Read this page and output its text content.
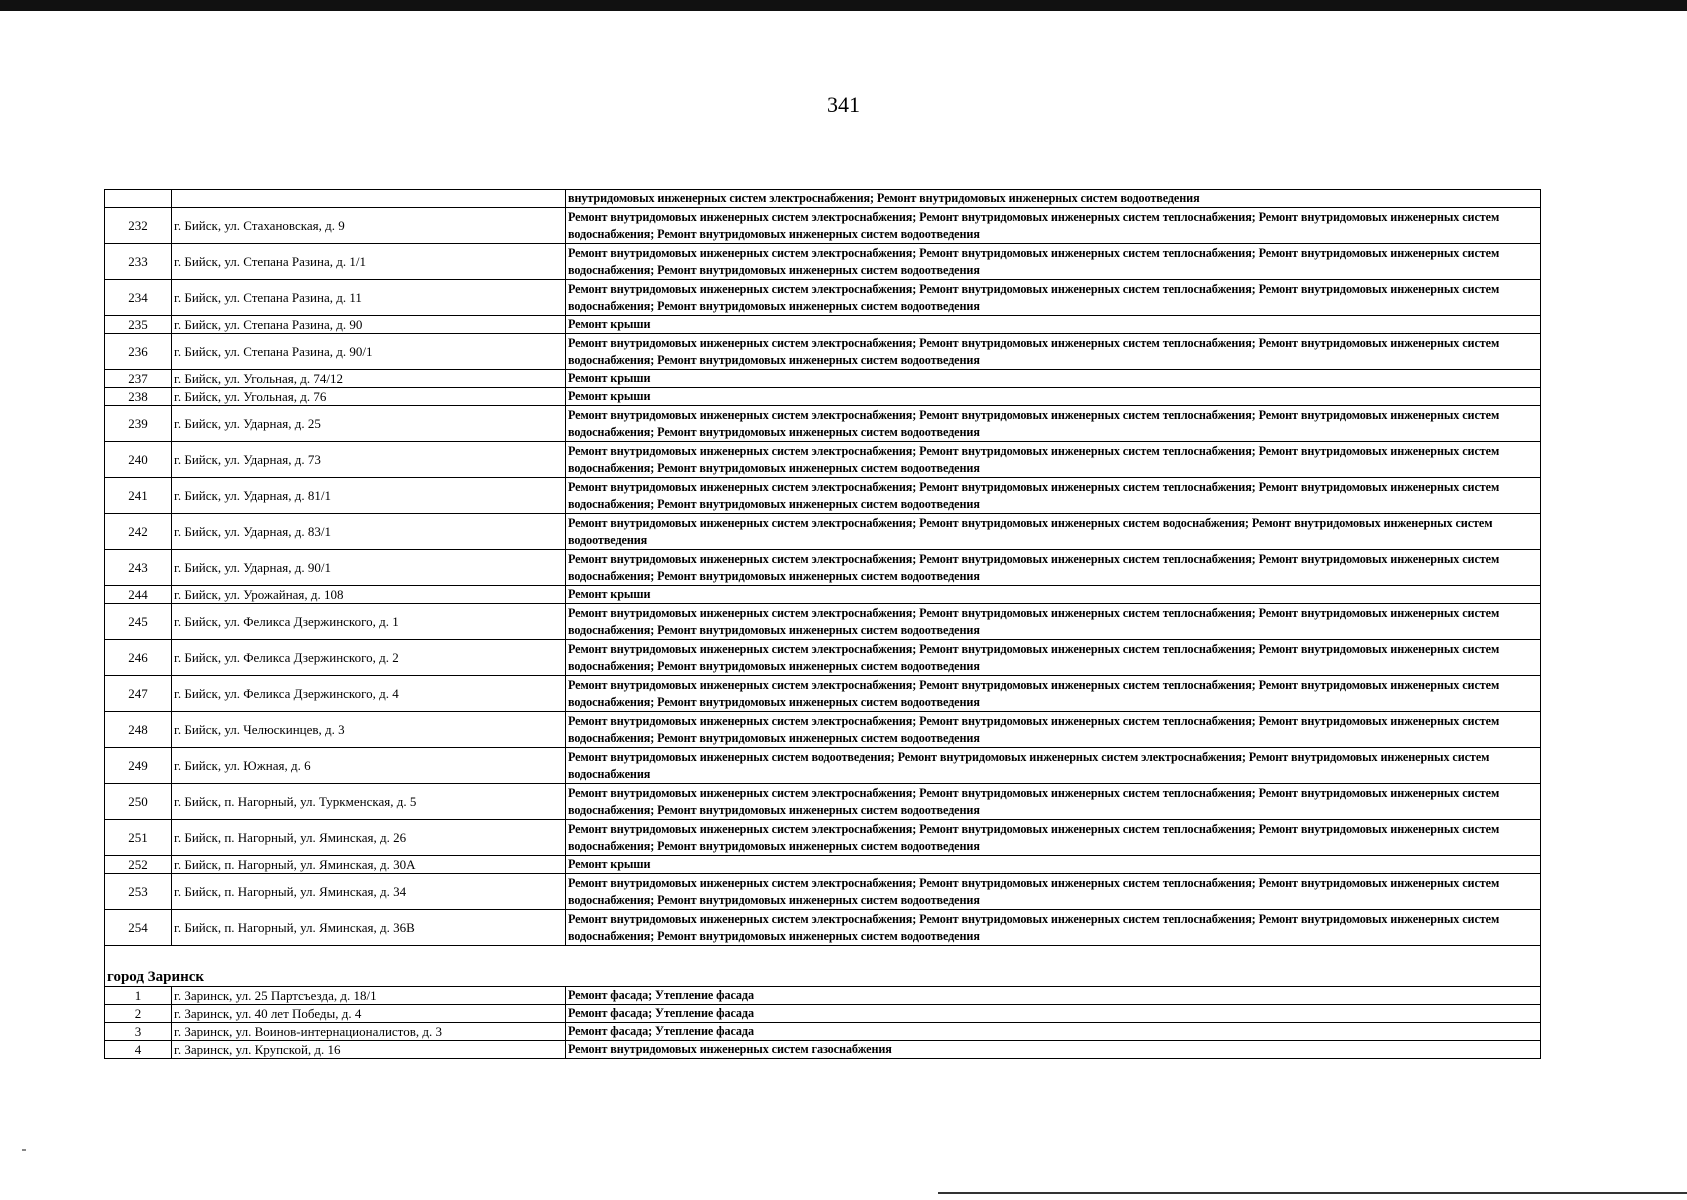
341
		внутридомовых инженерных систем электроснабжения; Ремонт внутридомовых инженерных систем водоотведения
232	г. Бийск, ул. Стахановская, д. 9	Ремонт внутридомовых инженерных систем электроснабжения; Ремонт внутридомовых инженерных систем теплоснабжения; Ремонт внутридомовых инженерных систем водоснабжения; Ремонт внутридомовых инженерных систем водоотведения
233	г. Бийск, ул. Степана Разина, д. 1/1	Ремонт внутридомовых инженерных систем электроснабжения; Ремонт внутридомовых инженерных систем теплоснабжения; Ремонт внутридомовых инженерных систем водоснабжения; Ремонт внутридомовых инженерных систем водоотведения
234	г. Бийск, ул. Степана Разина, д. 11	Ремонт внутридомовых инженерных систем электроснабжения; Ремонт внутридомовых инженерных систем теплоснабжения; Ремонт внутридомовых инженерных систем водоснабжения; Ремонт внутридомовых инженерных систем водоотведения
235	г. Бийск, ул. Степана Разина, д. 90	Ремонт крыши
236	г. Бийск, ул. Степана Разина, д. 90/1	Ремонт внутридомовых инженерных систем электроснабжения; Ремонт внутридомовых инженерных систем теплоснабжения; Ремонт внутридомовых инженерных систем водоснабжения; Ремонт внутридомовых инженерных систем водоотведения
237	г. Бийск, ул. Угольная, д. 74/12	Ремонт крыши
238	г. Бийск, ул. Угольная, д. 76	Ремонт крыши
239	г. Бийск, ул. Ударная, д. 25	Ремонт внутридомовых инженерных систем электроснабжения; Ремонт внутридомовых инженерных систем теплоснабжения; Ремонт внутридомовых инженерных систем водоснабжения; Ремонт внутридомовых инженерных систем водоотведения
240	г. Бийск, ул. Ударная, д. 73	Ремонт внутридомовых инженерных систем электроснабжения; Ремонт внутридомовых инженерных систем теплоснабжения; Ремонт внутридомовых инженерных систем водоснабжения; Ремонт внутридомовых инженерных систем водоотведения
241	г. Бийск, ул. Ударная, д. 81/1	Ремонт внутридомовых инженерных систем электроснабжения; Ремонт внутридомовых инженерных систем теплоснабжения; Ремонт внутридомовых инженерных систем водоснабжения; Ремонт внутридомовых инженерных систем водоотведения
242	г. Бийск, ул. Ударная, д. 83/1	Ремонт внутридомовых инженерных систем электроснабжения; Ремонт внутридомовых инженерных систем водоснабжения; Ремонт внутридомовых инженерных систем водоотведения
243	г. Бийск, ул. Ударная, д. 90/1	Ремонт внутридомовых инженерных систем электроснабжения; Ремонт внутридомовых инженерных систем теплоснабжения; Ремонт внутридомовых инженерных систем водоснабжения; Ремонт внутридомовых инженерных систем водоотведения
244	г. Бийск, ул. Урожайная, д. 108	Ремонт крыши
245	г. Бийск, ул. Феликса Дзержинского, д. 1	Ремонт внутридомовых инженерных систем электроснабжения; Ремонт внутридомовых инженерных систем теплоснабжения; Ремонт внутридомовых инженерных систем водоснабжения; Ремонт внутридомовых инженерных систем водоотведения
246	г. Бийск, ул. Феликса Дзержинского, д. 2	Ремонт внутридомовых инженерных систем электроснабжения; Ремонт внутридомовых инженерных систем теплоснабжения; Ремонт внутридомовых инженерных систем водоснабжения; Ремонт внутридомовых инженерных систем водоотведения
247	г. Бийск, ул. Феликса Дзержинского, д. 4	Ремонт внутридомовых инженерных систем электроснабжения; Ремонт внутридомовых инженерных систем теплоснабжения; Ремонт внутридомовых инженерных систем водоснабжения; Ремонт внутридомовых инженерных систем водоотведения
248	г. Бийск, ул. Челюскинцев, д. 3	Ремонт внутридомовых инженерных систем электроснабжения; Ремонт внутридомовых инженерных систем теплоснабжения; Ремонт внутридомовых инженерных систем водоснабжения; Ремонт внутридомовых инженерных систем водоотведения
249	г. Бийск, ул. Южная, д. 6	Ремонт внутридомовых инженерных систем водоотведения; Ремонт внутридомовых инженерных систем электроснабжения; Ремонт внутридомовых инженерных систем водоснабжения
250	г. Бийск, п. Нагорный, ул. Туркменская, д. 5	Ремонт внутридомовых инженерных систем электроснабжения; Ремонт внутридомовых инженерных систем теплоснабжения; Ремонт внутридомовых инженерных систем водоснабжения; Ремонт внутридомовых инженерных систем водоотведения
251	г. Бийск, п. Нагорный, ул. Яминская, д. 26	Ремонт внутридомовых инженерных систем электроснабжения; Ремонт внутридомовых инженерных систем теплоснабжения; Ремонт внутридомовых инженерных систем водоснабжения; Ремонт внутридомовых инженерных систем водоотведения
252	г. Бийск, п. Нагорный, ул. Яминская, д. 30А	Ремонт крыши
253	г. Бийск, п. Нагорный, ул. Яминская, д. 34	Ремонт внутридомовых инженерных систем электроснабжения; Ремонт внутридомовых инженерных систем теплоснабжения; Ремонт внутридомовых инженерных систем водоснабжения; Ремонт внутридомовых инженерных систем водоотведения
254	г. Бийск, п. Нагорный, ул. Яминская, д. 36В	Ремонт внутридомовых инженерных систем электроснабжения; Ремонт внутридомовых инженерных систем теплоснабжения; Ремонт внутридомовых инженерных систем водоснабжения; Ремонт внутридомовых инженерных систем водоотведения
город Заринск		
1	г. Заринск, ул. 25 Партсъезда, д. 18/1	Ремонт фасада; Утепление фасада
2	г. Заринск, ул. 40 лет Победы, д. 4	Ремонт фасада; Утепление фасада
3	г. Заринск, ул. Воинов-интернационалистов, д. 3	Ремонт фасада; Утепление фасада
4	г. Заринск, ул. Крупской, д. 16	Ремонт внутридомовых инженерных систем газоснабжения
